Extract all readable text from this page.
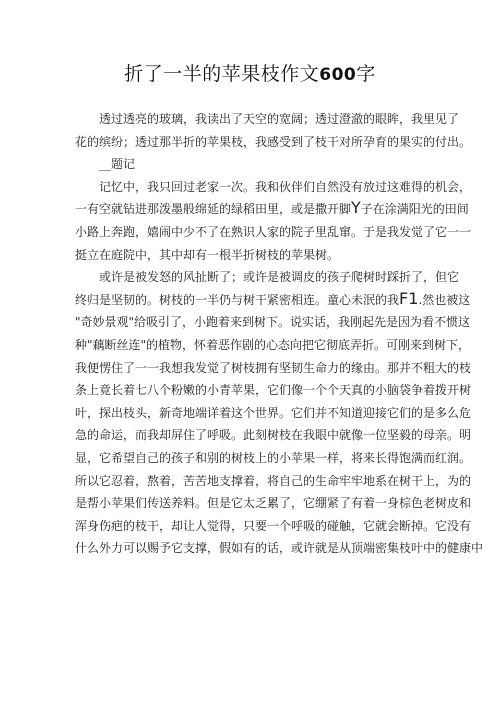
折了一半的苹果枝作文600字
透过透亮的玻璃，我读出了天空的宽阔；透过澄澈的眼眸，我里见了
花的缤纷；透过那半折的苹果枝，我感受到了枝干对所孕育的果实的付出。
__题记
记忆中，我只回过老家一次。我和伙伴们自然没有放过这难得的机会，
一有空就钻进那泼墨般绵延的绿稻田里，或是撒开脚Y子在涂满阳光的田间
小路上奔跑，嬉闹中少不了在熟识人家的院子里乱窜。于是我发觉了它一一
挺立在庭院中，其中却有一根半折树枝的苹果树。
或许是被发怒的风扯断了；或许是被调皮的孩子爬树时踩折了，但它
终归是坚韧的。树枝的一半仍与树干紧密相连。童心未泯的我F1.然也被这
"奇妙景观"给吸引了，小跑着来到树下。说实话，我刚起先是因为看不惯这
种"藕断丝连"的植物，怀着恶作剧的心态向把它彻底弄折。可刚来到树下，
我便愣住了一一我想我发觉了树枝拥有坚韧生命力的缘由。那并不粗大的枝
条上竟长着七八个粉嫩的小青苹果，它们像一个个天真的小脑袋争着拨开树
叶，探出枝头，新奇地端详着这个世界。它们并不知道迎接它们的是多么危
急的命运，而我却屏住了呼吸。此刻树枝在我眼中就像一位坚毅的母亲。明
显，它希望自己的孩子和别的树枝上的小苹果一样，将来长得饱满而红润。
所以它忍着，熬着，苦苦地支撑着，将自己的生命牢牢地系在树干上，为的
是帮小苹果们传送养料。但是它太乏累了，它绷紧了有着一身棕色老树皮和
浑身伤疤的枝干，却让人觉得，只要一个呼吸的碰触，它就会断掉。它没有
什么外力可以赐予它支撑，假如有的话，或许就是从顶端密集枝叶中的健康中
